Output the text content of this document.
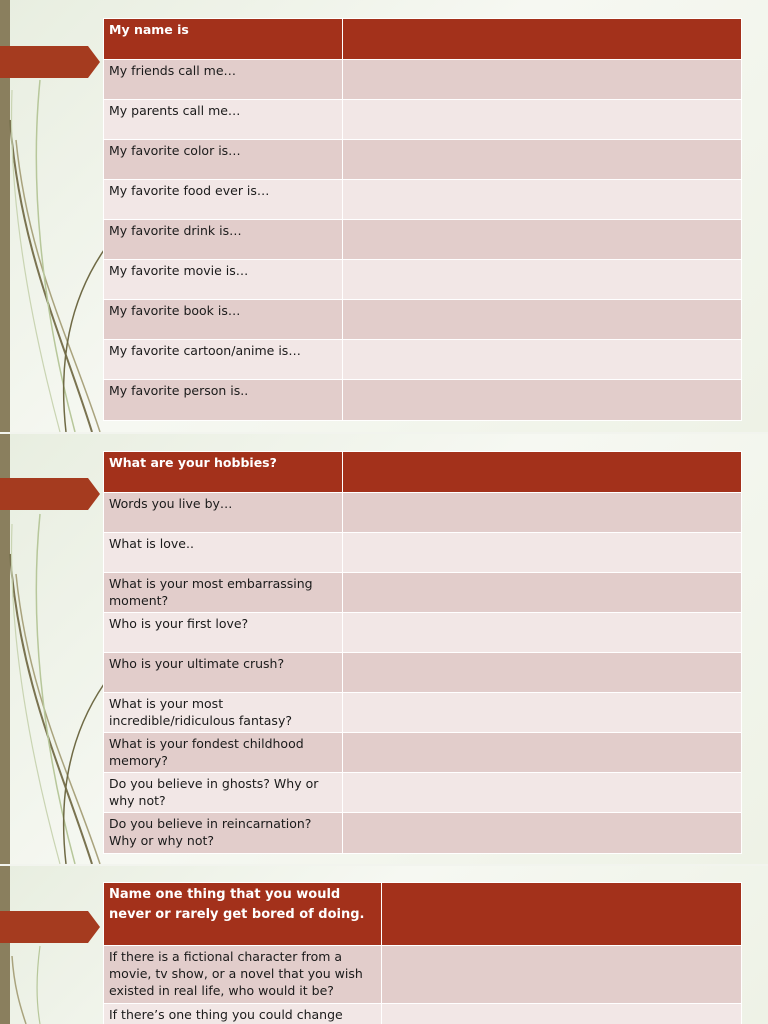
My name is	
My friends call me…	
My parents call me…	
My favorite color is…	
My favorite food ever is…	
My favorite drink is…	
My favorite movie is…	
My favorite book is…	
My favorite cartoon/anime is…	
My favorite person is..	
What are your hobbies?	
Words you live by…	
What is love..	
What is your most embarrassing moment?	
Who is your first love?	
Who is your ultimate crush?	
What is your most incredible/ridiculous fantasy?	
What is your fondest childhood memory?	
Do you believe in ghosts? Why or why not?	
Do you believe in reincarnation? Why or why not?	
Name one thing that you would never or rarely get bored of doing.	
If there is a fictional character from a movie, tv show, or a novel that you wish existed in real life, who would it be?	
If there’s one thing you could change	
